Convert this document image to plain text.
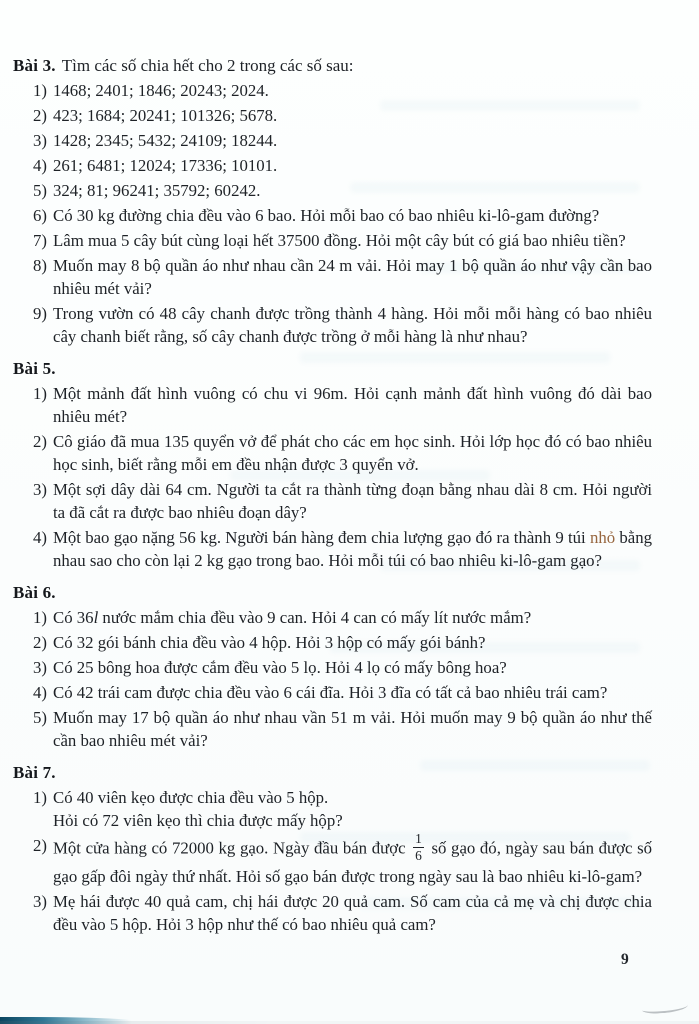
Bài 3. Tìm các số chia hết cho 2 trong các số sau:

1) 1468; 2401; 1846; 20243; 2024.
2) 423; 1684; 20241; 101326; 5678.
3) 1428; 2345; 5432; 24109; 18244.
4) 261; 6481; 12024; 17336; 10101.
5) 324; 81; 96241; 35792; 60242.
6) Có 30 kg đường chia đều vào 6 bao. Hỏi mỗi bao có bao nhiêu ki-lô-gam đường?
7) Lâm mua 5 cây bút cùng loại hết 37500 đồng. Hỏi một cây bút có giá bao nhiêu tiền?
8) Muốn may 8 bộ quần áo như nhau cần 24 m vải. Hỏi may 1 bộ quần áo như vậy cần bao nhiêu mét vải?
9) Trong vườn có 48 cây chanh được trồng thành 4 hàng. Hỏi mỗi mỗi hàng có bao nhiêu cây chanh biết rằng, số cây chanh được trồng ở mỗi hàng là như nhau?

Bài 5.

1) Một mảnh đất hình vuông có chu vi 96m. Hỏi cạnh mảnh đất hình vuông đó dài bao nhiêu mét?
2) Cô giáo đã mua 135 quyển vở để phát cho các em học sinh. Hỏi lớp học đó có bao nhiêu học sinh, biết rằng mỗi em đều nhận được 3 quyển vở.
3) Một sợi dây dài 64 cm. Người ta cắt ra thành từng đoạn bằng nhau dài 8 cm. Hỏi người ta đã cắt ra được bao nhiêu đoạn dây?
4) Một bao gạo nặng 56 kg. Người bán hàng đem chia lượng gạo đó ra thành 9 túi nhỏ bằng nhau sao cho còn lại 2 kg gạo trong bao. Hỏi mỗi túi có bao nhiêu ki-lô-gam gạo?

Bài 6.

1) Có 36l nước mắm chia đều vào 9 can. Hỏi 4 can có mấy lít nước mắm?
2) Có 32 gói bánh chia đều vào 4 hộp. Hỏi 3 hộp có mấy gói bánh?
3) Có 25 bông hoa được cắm đều vào 5 lọ. Hỏi 4 lọ có mấy bông hoa?
4) Có 42 trái cam được chia đều vào 6 cái đĩa. Hỏi 3 đĩa có tất cả bao nhiêu trái cam?
5) Muốn may 17 bộ quần áo như nhau vần 51 m vải. Hỏi muốn may 9 bộ quần áo như thế cần bao nhiêu mét vải?

Bài 7.

1) Có 40 viên kẹo được chia đều vào 5 hộp.
Hỏi có 72 viên kẹo thì chia được mấy hộp?
2) Một cửa hàng có 72000 kg gạo. Ngày đầu bán được $\frac{1}{6}$ số gạo đó, ngày sau bán được số gạo gấp đôi ngày thứ nhất. Hỏi số gạo bán được trong ngày sau là bao nhiêu ki-lô-gam?
3) Mẹ hái được 40 quả cam, chị hái được 20 quả cam. Số cam của cả mẹ và chị được chia đều vào 5 hộp. Hỏi 3 hộp như thế có bao nhiêu quả cam?
9
